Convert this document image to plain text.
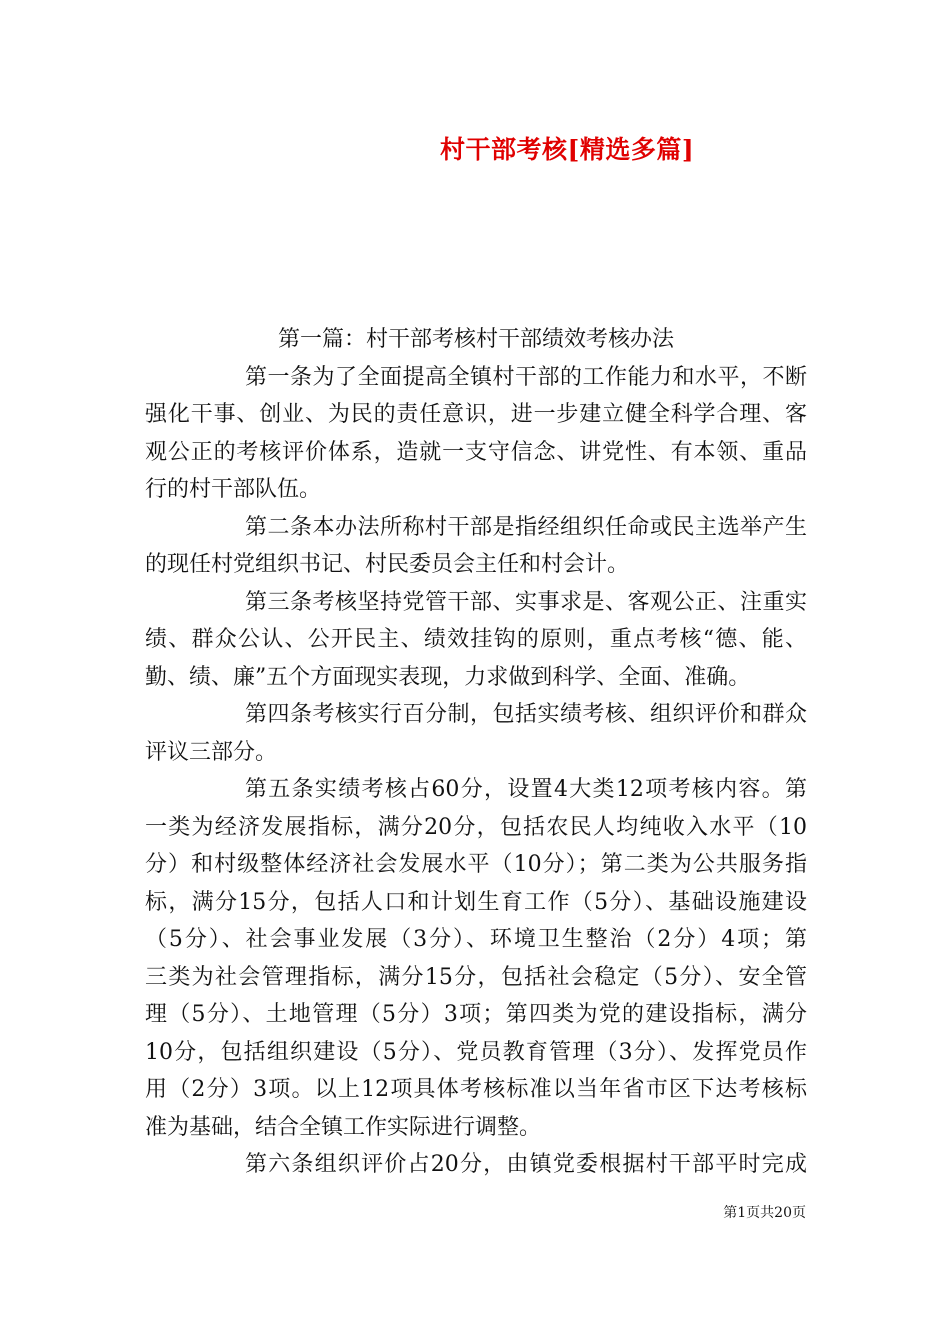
村干部考核[精选多篇]
第一篇：村干部考核村干部绩效考核办法
第一条为了全面提高全镇村干部的工作能力和水平，不断
强化干事、创业、为民的责任意识，进一步建立健全科学合理、客
观公正的考核评价体系，造就一支守信念、讲党性、有本领、重品
行的村干部队伍。
第二条本办法所称村干部是指经组织任命或民主选举产生
的现任村党组织书记、村民委员会主任和村会计。
第三条考核坚持党管干部、实事求是、客观公正、注重实
绩、群众公认、公开民主、绩效挂钩的原则，重点考核“德、能、
勤、绩、廉”五个方面现实表现，力求做到科学、全面、准确。
第四条考核实行百分制，包括实绩考核、组织评价和群众
评议三部分。
第五条实绩考核占60分，设置4大类12项考核内容。第
一类为经济发展指标，满分20分，包括农民人均纯收入水平（10
分）和村级整体经济社会发展水平（10分）；第二类为公共服务指
标，满分15分，包括人口和计划生育工作（5分）、基础设施建设
（5分）、社会事业发展（3分）、环境卫生整治（2分）4项；第
三类为社会管理指标，满分15分，包括社会稳定（5分）、安全管
理（5分）、土地管理（5分）3项；第四类为党的建设指标，满分
10分，包括组织建设（5分）、党员教育管理（3分）、发挥党员作
用（2分）3项。以上12项具体考核标准以当年省市区下达考核标
准为基础，结合全镇工作实际进行调整。
第六条组织评价占20分，由镇党委根据村干部平时完成
第1页共20页
